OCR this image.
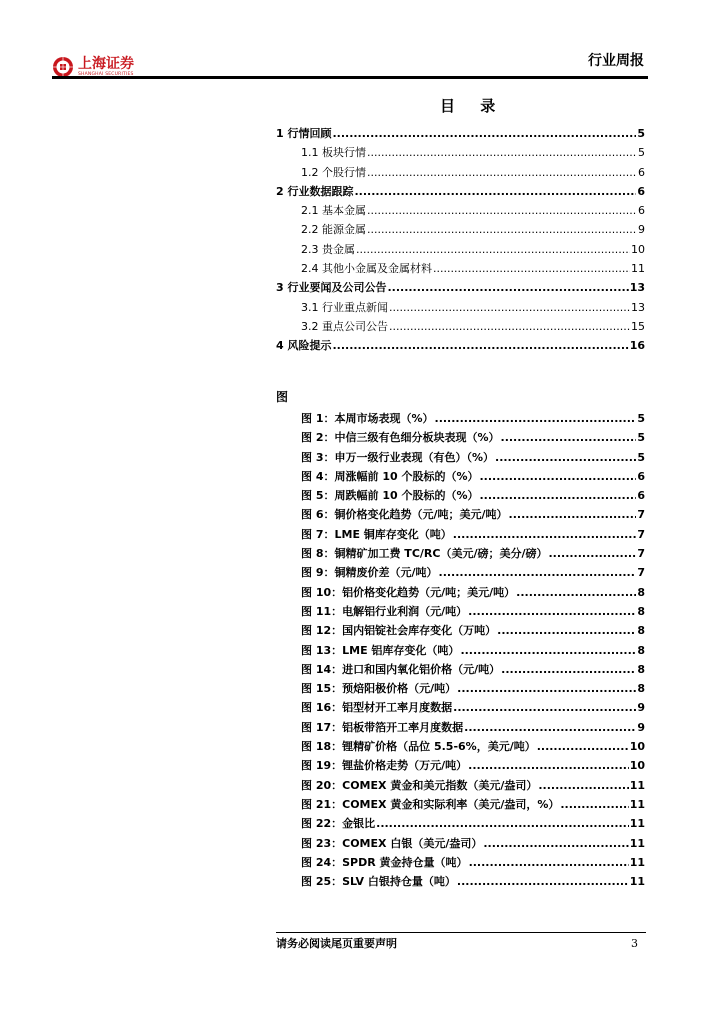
上海证券
SHANGHAI SECURITIES
行业周报
目 录
1 行情回顾 .....	5
1.1 板块行情 .....	5
1.2 个股行情 .....	6
2 行业数据跟踪 .....	6
2.1 基本金属 .....	6
2.2 能源金属 .....	9
2.3 贵金属 .....	10
2.4 其他小金属及金属材料 .....	11
3 行业要闻及公司公告 .....	13
3.1 行业重点新闻 .....	13
3.2 重点公司公告 .....	15
4 风险提示 .....	16
图
图 1：本周市场表现（%） .....	5
图 2：中信三级有色细分板块表现（%） .....	5
图 3：申万一级行业表现（有色）（%） .....	5
图 4：周涨幅前 10 个股标的（%） .....	6
图 5：周跌幅前 10 个股标的（%） .....	6
图 6：铜价格变化趋势（元/吨；美元/吨） .....	7
图 7：LME 铜库存变化（吨） .....	7
图 8：铜精矿加工费 TC/RC（美元/磅；美分/磅） .....	7
图 9：铜精废价差（元/吨） .....	7
图 10：铝价格变化趋势（元/吨；美元/吨） .....	8
图 11：电解铝行业利润（元/吨） .....	8
图 12：国内铝锭社会库存变化（万吨） .....	8
图 13：LME 铝库存变化（吨） .....	8
图 14：进口和国内氧化铝价格（元/吨） .....	8
图 15：预焙阳极价格（元/吨） .....	8
图 16：铝型材开工率月度数据 .....	9
图 17：铝板带箔开工率月度数据 .....	9
图 18：锂精矿价格（品位 5.5-6%，美元/吨） .....	10
图 19：锂盐价格走势（万元/吨） .....	10
图 20：COMEX 黄金和美元指数（美元/盎司） .....	11
图 21：COMEX 黄金和实际利率（美元/盎司，%） .....	11
图 22：金银比 .....	11
图 23：COMEX 白银（美元/盎司） .....	11
图 24：SPDR 黄金持仓量（吨） .....	11
图 25：SLV 白银持仓量（吨） .....	11
请务必阅读尾页重要声明	3
